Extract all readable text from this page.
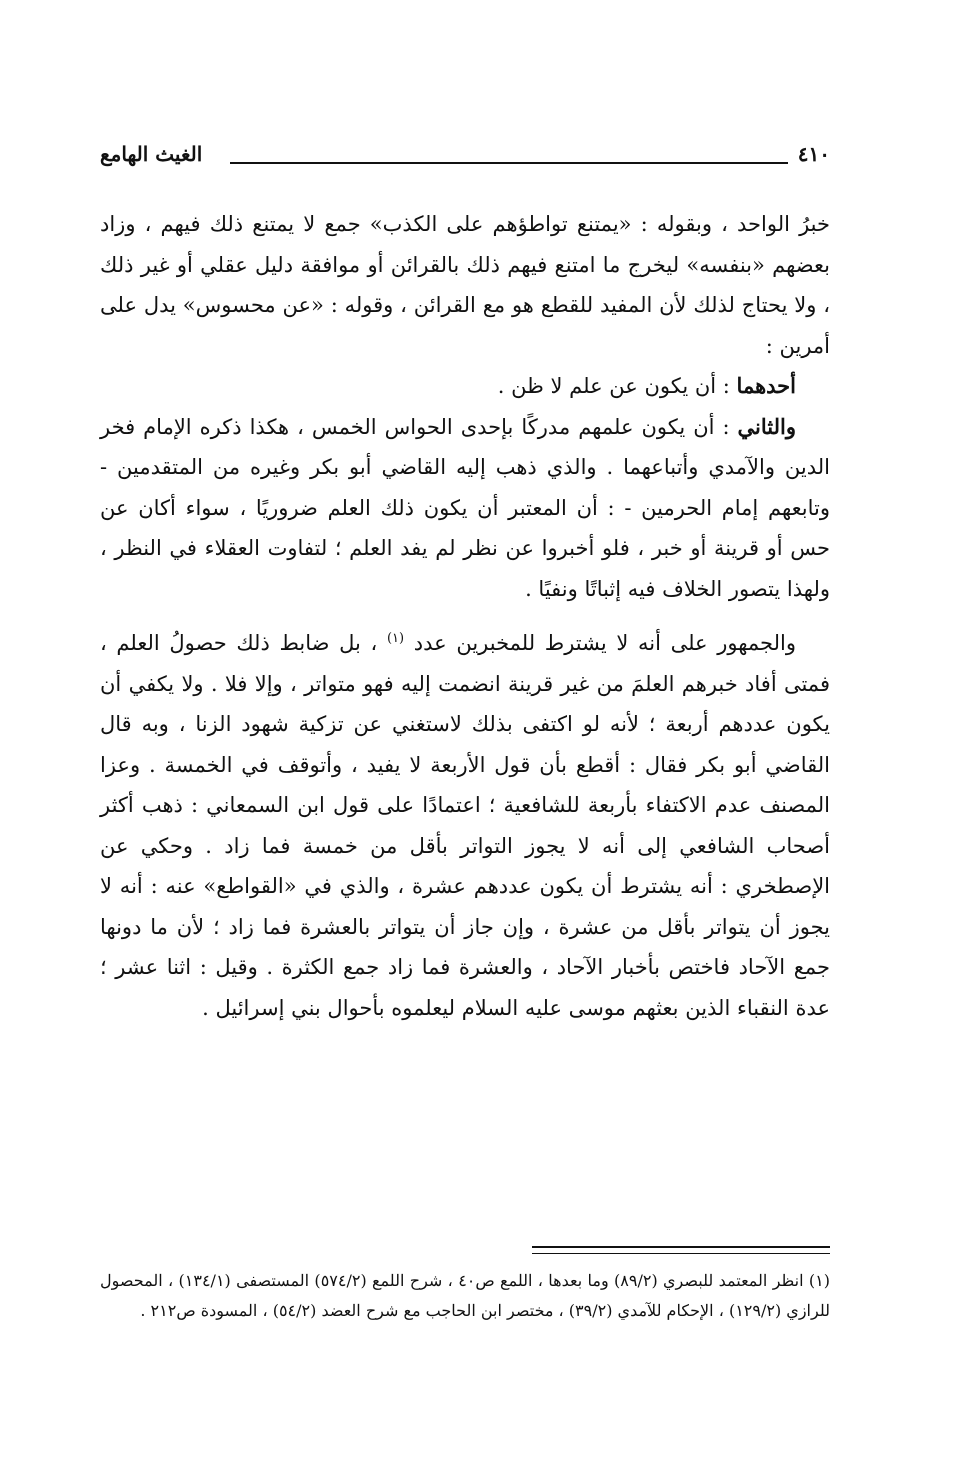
٤١٠
الغيث الهامع

خبرُ الواحد ، وبقوله : «يمتنع تواطؤهم على الكذب» جمع لا يمتنع ذلك فيهم ، وزاد بعضهم «بنفسه» ليخرج ما امتنع فيهم ذلك بالقرائن أو موافقة دليل عقلي أو غير ذلك ، ولا يحتاج لذلك لأن المفيد للقطع هو مع القرائن ، وقوله : «عن محسوس» يدل على أمرين :

أحدهما : أن يكون عن علم لا ظن .

والثاني : أن يكون علمهم مدركًا بإحدى الحواس الخمس ، هكذا ذكره الإمام فخر الدين والآمدي وأتباعهما . والذي ذهب إليه القاضي أبو بكر وغيره من المتقدمين - وتابعهم إمام الحرمين - : أن المعتبر أن يكون ذلك العلم ضروريًا ، سواء أكان عن حس أو قرينة أو خبر ، فلو أخبروا عن نظر لم يفد العلم ؛ لتفاوت العقلاء في النظر ، ولهذا يتصور الخلاف فيه إثباتًا ونفيًا .

والجمهور على أنه لا يشترط للمخبرين عدد $^{(١)}$ ، بل ضابط ذلك حصولُ العلم ، فمتى أفاد خبرهم العلمَ من غير قرينة انضمت إليه فهو متواتر ، وإلا فلا . ولا يكفي أن يكون عددهم أربعة ؛ لأنه لو اكتفى بذلك لاستغني عن تزكية شهود الزنا ، وبه قال القاضي أبو بكر فقال : أقطع بأن قول الأربعة لا يفيد ، وأتوقف في الخمسة . وعزا المصنف عدم الاكتفاء بأربعة للشافعية ؛ اعتمادًا على قول ابن السمعاني : ذهب أكثر أصحاب الشافعي إلى أنه لا يجوز التواتر بأقل من خمسة فما زاد . وحكي عن الإصطخري : أنه يشترط أن يكون عددهم عشرة ، والذي في «القواطع» عنه : أنه لا يجوز أن يتواتر بأقل من عشرة ، وإن جاز أن يتواتر بالعشرة فما زاد ؛ لأن ما دونها جمع الآحاد فاختص بأخبار الآحاد ، والعشرة فما زاد جمع الكثرة . وقيل : اثنا عشر ؛ عدة النقباء الذين بعثهم موسى عليه السلام ليعلموه بأحوال بني إسرائيل .

(١) انظر المعتمد للبصري (٨٩/٢) وما بعدها ، اللمع ص٤٠ ، شرح اللمع (٥٧٤/٢) المستصفى (١٣٤/١) ، المحصول للرازي (١٢٩/٢) ، الإحكام للآمدي (٣٩/٢) ، مختصر ابن الحاجب مع شرح العضد (٥٤/٢) ، المسودة ص٢١٢ .
